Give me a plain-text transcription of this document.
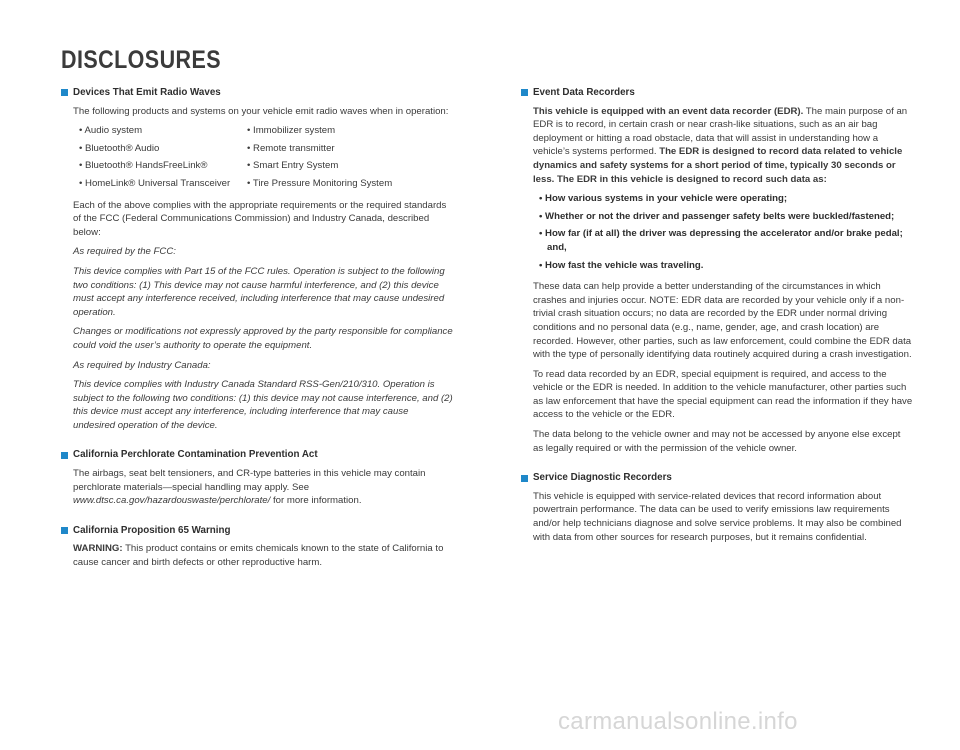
DISCLOSURES
Devices That Emit Radio Waves

The following products and systems on your vehicle emit radio waves when in operation:

• Audio system	• Immobilizer system
• Bluetooth® Audio	• Remote transmitter
• Bluetooth® HandsFreeLink®	• Smart Entry System
• HomeLink® Universal Transceiver	• Tire Pressure Monitoring System

Each of the above complies with the appropriate requirements or the required standards of the FCC (Federal Communications Commission) and Industry Canada, described below:

As required by the FCC:

This device complies with Part 15 of the FCC rules. Operation is subject to the following two conditions: (1) This device may not cause harmful interference, and (2) this device must accept any interference received, including interference that may cause undesired operation.

Changes or modifications not expressly approved by the party responsible for compliance could void the user’s authority to operate the equipment.

As required by Industry Canada:

This device complies with Industry Canada Standard RSS-Gen/210/310. Operation is subject to the following two conditions: (1) this device may not cause interference, and (2) this device must accept any interference, including interference that may cause undesired operation of the device.

California Perchlorate Contamination Prevention Act

The airbags, seat belt tensioners, and CR-type batteries in this vehicle may contain perchlorate materials—special handling may apply. See www.dtsc.ca.gov/hazardouswaste/perchlorate/ for more information.

California Proposition 65 Warning

WARNING: This product contains or emits chemicals known to the state of California to cause cancer and birth defects or other reproductive harm.

Event Data Recorders

This vehicle is equipped with an event data recorder (EDR). The main purpose of an EDR is to record, in certain crash or near crash-like situations, such as an air bag deployment or hitting a road obstacle, data that will assist in understanding how a vehicle’s systems performed. The EDR is designed to record data related to vehicle dynamics and safety systems for a short period of time, typically 30 seconds or less. The EDR in this vehicle is designed to record such data as:

• How various systems in your vehicle were operating;
• Whether or not the driver and passenger safety belts were buckled/fastened;
• How far (if at all) the driver was depressing the accelerator and/or brake pedal; and,
• How fast the vehicle was traveling.

These data can help provide a better understanding of the circumstances in which crashes and injuries occur. NOTE: EDR data are recorded by your vehicle only if a non-trivial crash situation occurs; no data are recorded by the EDR under normal driving conditions and no personal data (e.g., name, gender, age, and crash location) are recorded. However, other parties, such as law enforcement, could combine the EDR data with the type of personally identifying data routinely acquired during a crash investigation.

To read data recorded by an EDR, special equipment is required, and access to the vehicle or the EDR is needed. In addition to the vehicle manufacturer, other parties such as law enforcement that have the special equipment can read the information if they have access to the vehicle or the EDR.

The data belong to the vehicle owner and may not be accessed by anyone else except as legally required or with the permission of the vehicle owner.

Service Diagnostic Recorders

This vehicle is equipped with service-related devices that record information about powertrain performance. The data can be used to verify emissions law requirements and/or help technicians diagnose and solve service problems. It may also be combined with data from other sources for research purposes, but it remains confidential.

carmanualsonline.info
